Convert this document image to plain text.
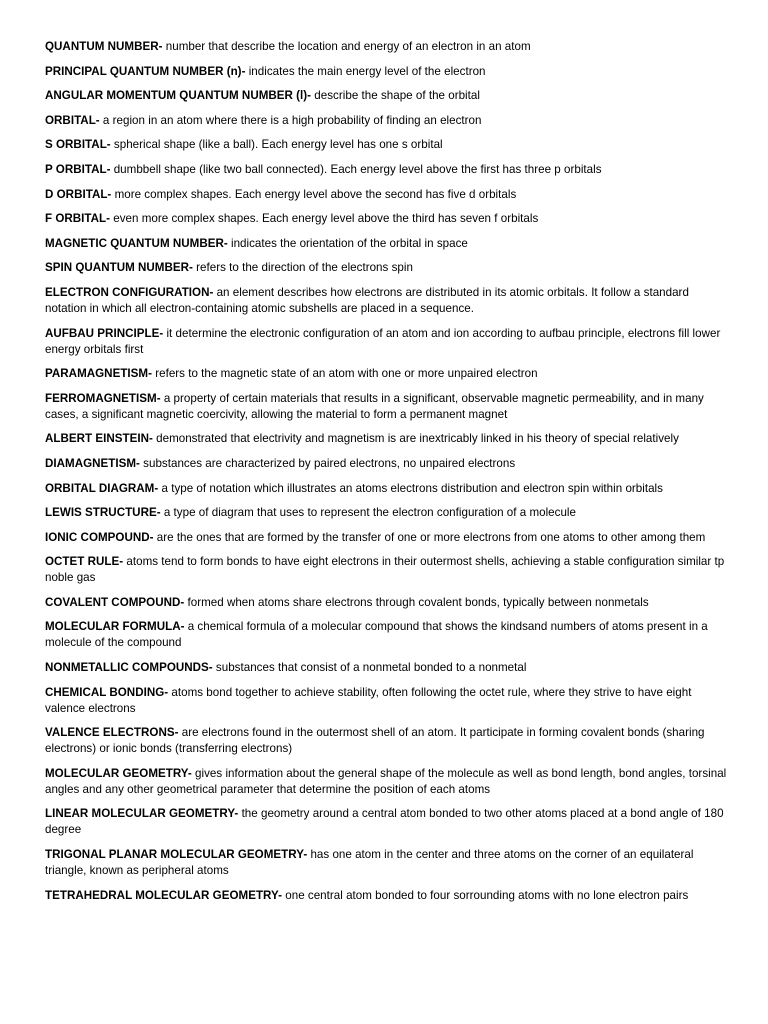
QUANTUM NUMBER- number that describe the location and energy of an electron in an atom

PRINCIPAL QUANTUM NUMBER (n)- indicates the main energy level of the electron

ANGULAR MOMENTUM QUANTUM NUMBER (l)- describe the shape of the orbital

ORBITAL- a region in an atom where there is a high probability of finding an electron

S ORBITAL- spherical shape (like a ball). Each energy level has one s orbital

P ORBITAL- dumbbell shape (like two ball connected). Each energy level above the first has three p orbitals

D ORBITAL- more complex shapes. Each energy level above the second has five d orbitals

F ORBITAL- even more complex shapes. Each energy level above the third has seven f orbitals

MAGNETIC QUANTUM NUMBER- indicates the orientation of the orbital in space

SPIN QUANTUM NUMBER- refers to the direction of the electrons spin

ELECTRON CONFIGURATION- an element describes how electrons are distributed in its atomic orbitals. It follow a standard notation in which all electron-containing atomic subshells are placed in a sequence.

AUFBAU PRINCIPLE- it determine the electronic configuration of an atom and ion according to aufbau principle, electrons fill lower energy orbitals first

PARAMAGNETISM- refers to the magnetic state of an atom with one or more unpaired electron

FERROMAGNETISM- a property of certain materials that results in a significant, observable magnetic permeability, and in many cases, a significant magnetic coercivity, allowing the material to form a permanent magnet

ALBERT EINSTEIN- demonstrated that electrivity and magnetism is are inextricably linked in his theory of special relatively

DIAMAGNETISM- substances are characterized by paired electrons, no unpaired electrons

ORBITAL DIAGRAM- a type of notation which illustrates an atoms electrons distribution and electron spin within orbitals

LEWIS STRUCTURE- a type of diagram that uses to represent the electron configuration of a molecule

IONIC COMPOUND- are the ones that are formed by the transfer of one or more electrons from one atoms to other among them

OCTET RULE- atoms tend to form bonds to have eight electrons in their outermost shells, achieving a stable configuration similar tp noble gas

COVALENT COMPOUND- formed when atoms share electrons through covalent bonds, typically between nonmetals

MOLECULAR FORMULA- a chemical formula of a molecular compound that shows the kindsand numbers of atoms present in a molecule of the compound

NONMETALLIC COMPOUNDS- substances that consist of a nonmetal bonded to a nonmetal

CHEMICAL BONDING- atoms bond together to achieve stability, often following the octet rule, where they strive to have eight valence electrons

VALENCE ELECTRONS- are electrons found in the outermost shell of an atom. It participate in forming covalent bonds (sharing electrons) or ionic bonds (transferring electrons)

MOLECULAR GEOMETRY- gives information about the general shape of the molecule as well as bond length, bond angles, torsinal angles and any other geometrical parameter that determine the position of each atoms

LINEAR MOLECULAR GEOMETRY- the geometry around a central atom bonded to two other atoms placed at a bond angle of 180 degree

TRIGONAL PLANAR MOLECULAR GEOMETRY- has one atom in the center and three atoms on the corner of an equilateral triangle, known as peripheral atoms

TETRAHEDRAL MOLECULAR GEOMETRY- one central atom bonded to four sorrounding atoms with no lone electron pairs
